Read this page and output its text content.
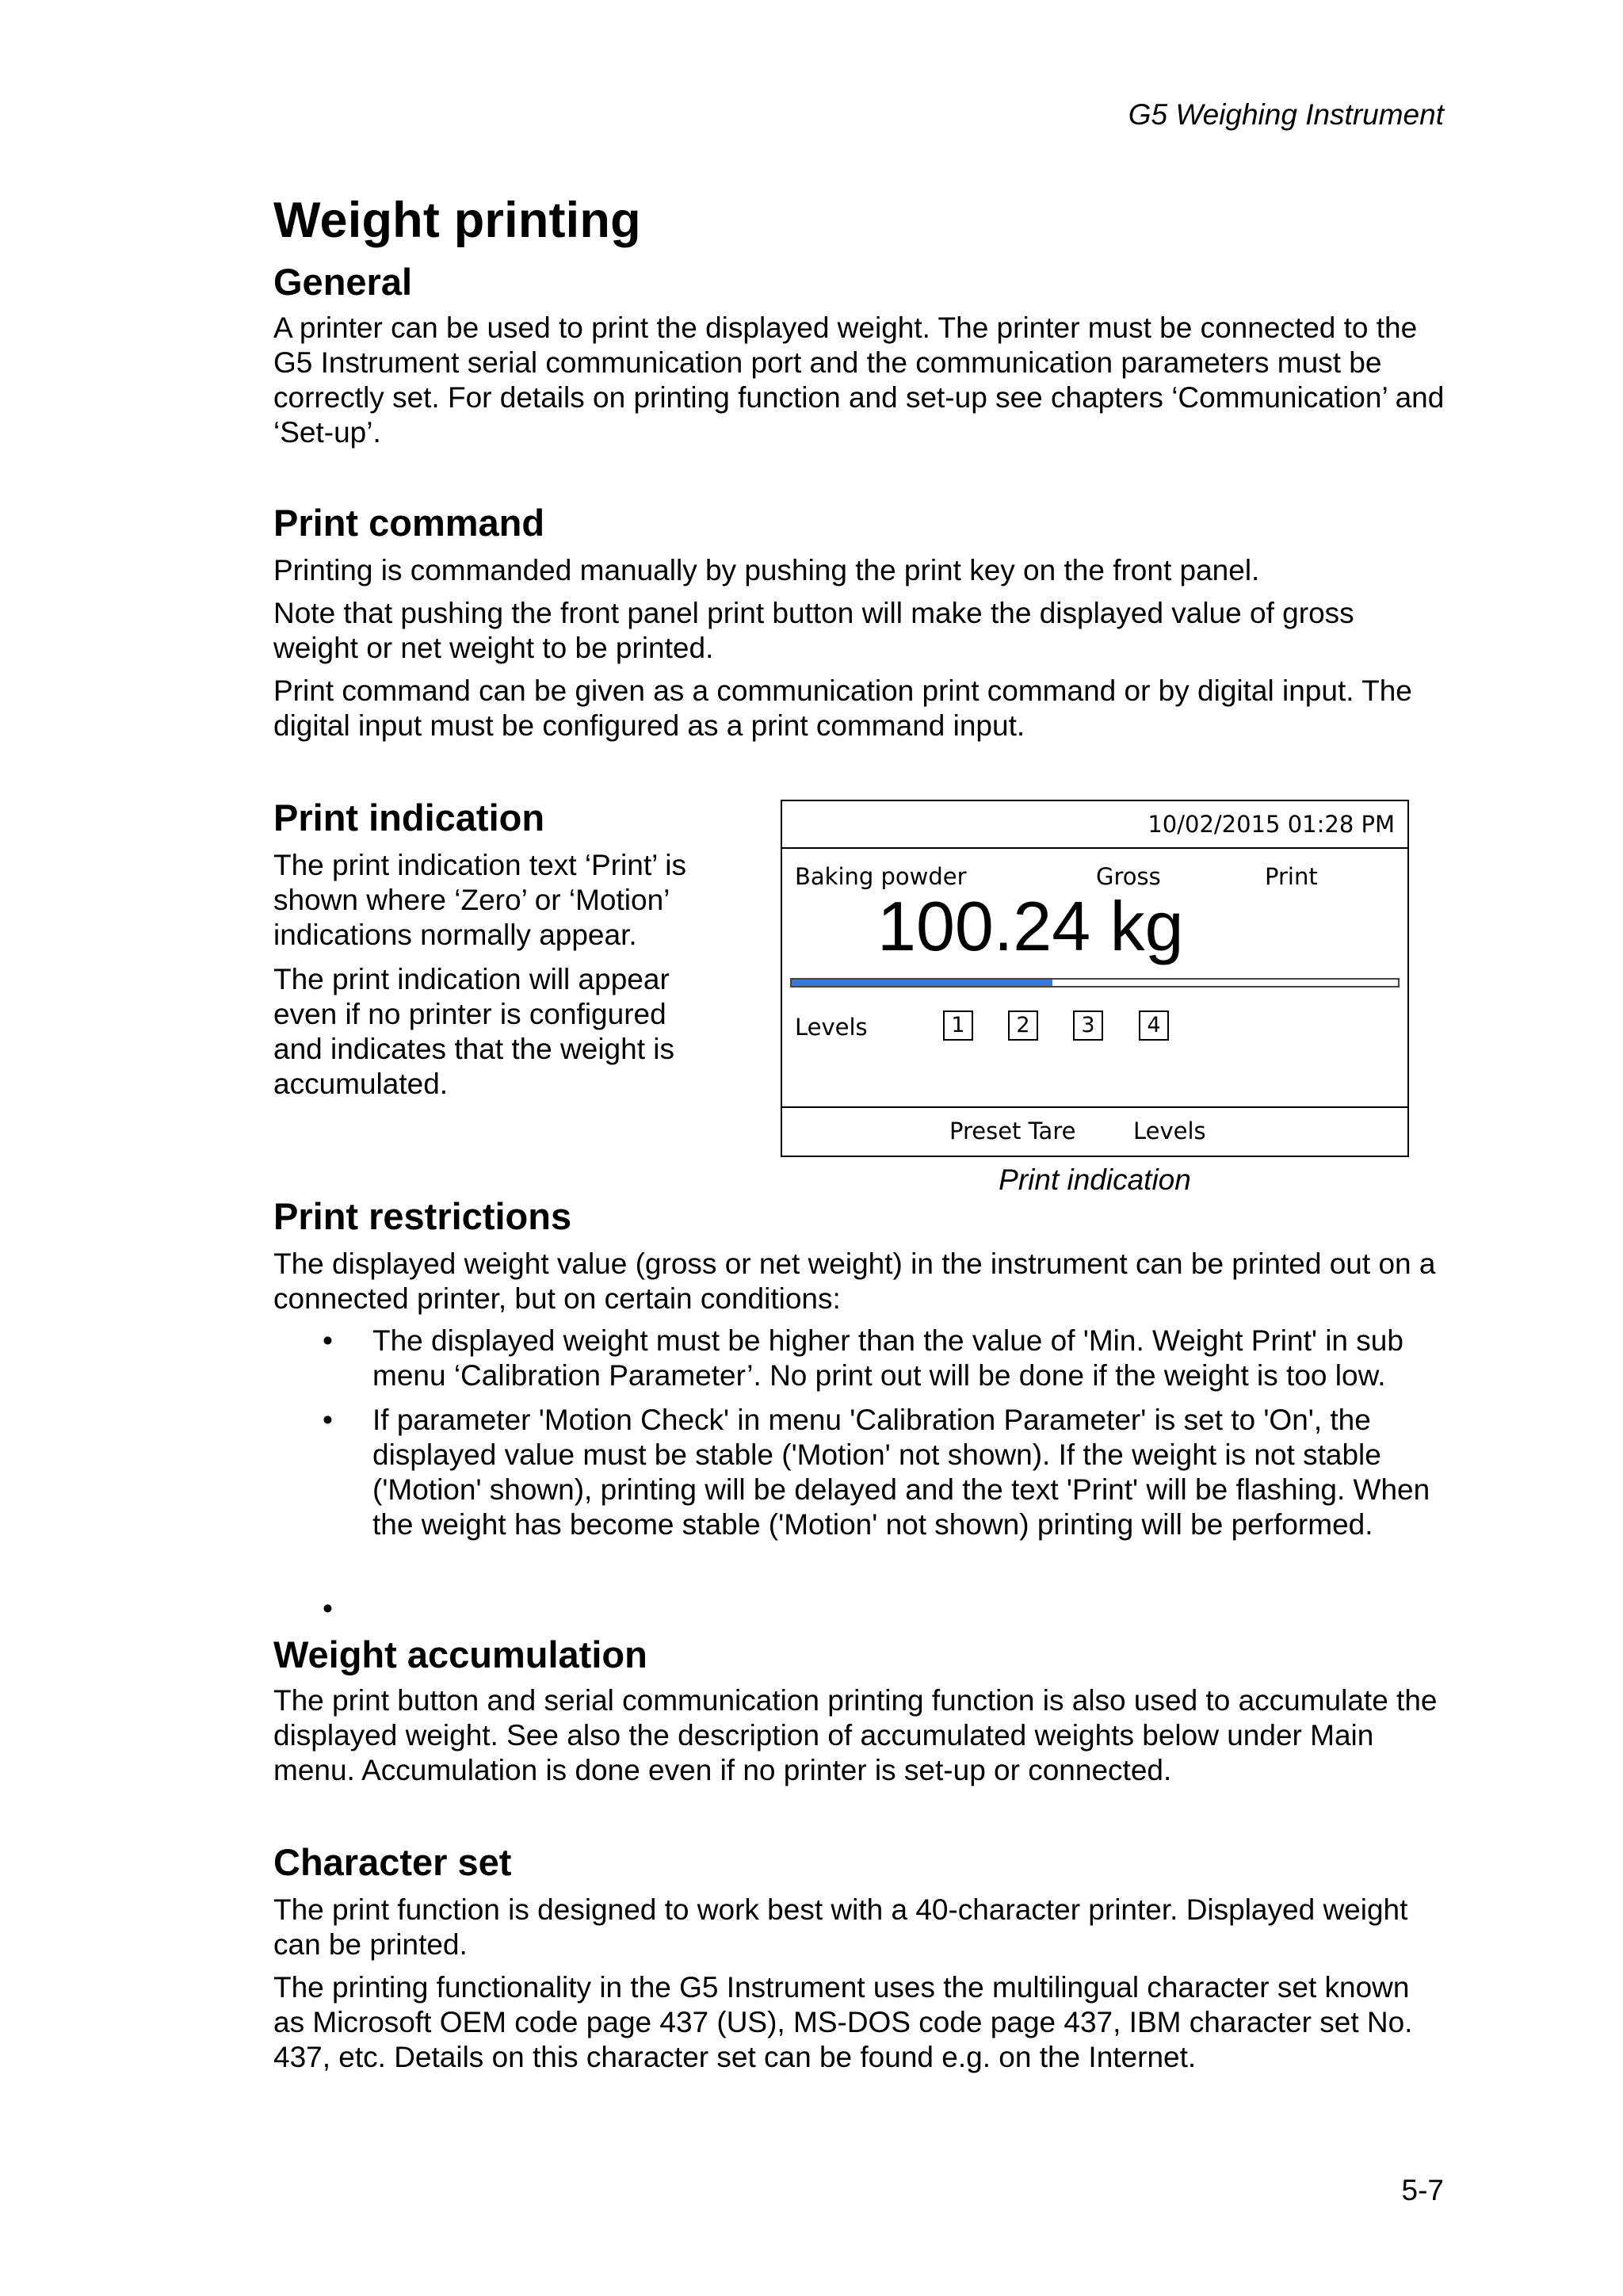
G5 Weighing Instrument
Weight printing
General

A printer can be used to print the displayed weight. The printer must be connected to the G5 Instrument serial communication port and the communication parameters must be correctly set. For details on printing function and set-up see chapters ‘Communication’ and ‘Set-up’.

Print command

Printing is commanded manually by pushing the print key on the front panel.

Note that pushing the front panel print button will make the displayed value of gross weight or net weight to be printed.

Print command can be given as a communication print command or by digital input. The digital input must be configured as a print command input.

Print indication

The print indication text ‘Print’ is shown where ‘Zero’ or ‘Motion’ indications normally appear.

The print indication will appear even if no printer is configured and indicates that the weight is accumulated.

Print restrictions

The displayed weight value (gross or net weight) in the instrument can be printed out on a connected printer, but on certain conditions:

• The displayed weight must be higher than the value of 'Min. Weight Print' in sub menu ‘Calibration Parameter’. No print out will be done if the weight is too low.
• If parameter 'Motion Check' in menu 'Calibration Parameter' is set to 'On', the displayed value must be stable ('Motion' not shown). If the weight is not stable ('Motion' shown), printing will be delayed and the text 'Print' will be flashing. When the weight has become stable ('Motion' not shown) printing will be performed.
•
Weight accumulation

The print button and serial communication printing function is also used to accumulate the displayed weight. See also the description of accumulated weights below under Main menu. Accumulation is done even if no printer is set-up or connected.

Character set

The print function is designed to work best with a 40-character printer. Displayed weight can be printed.

The printing functionality in the G5 Instrument uses the multilingual character set known as Microsoft OEM code page 437 (US), MS-DOS code page 437, IBM character set No. 437, etc. Details on this character set can be found e.g. on the Internet.

10/02/2015 01:28 PM
Baking powder	Gross	Print
100.24 kg
Levels	1	2	3	4
Preset Tare	Levels
Print indication
5-7
